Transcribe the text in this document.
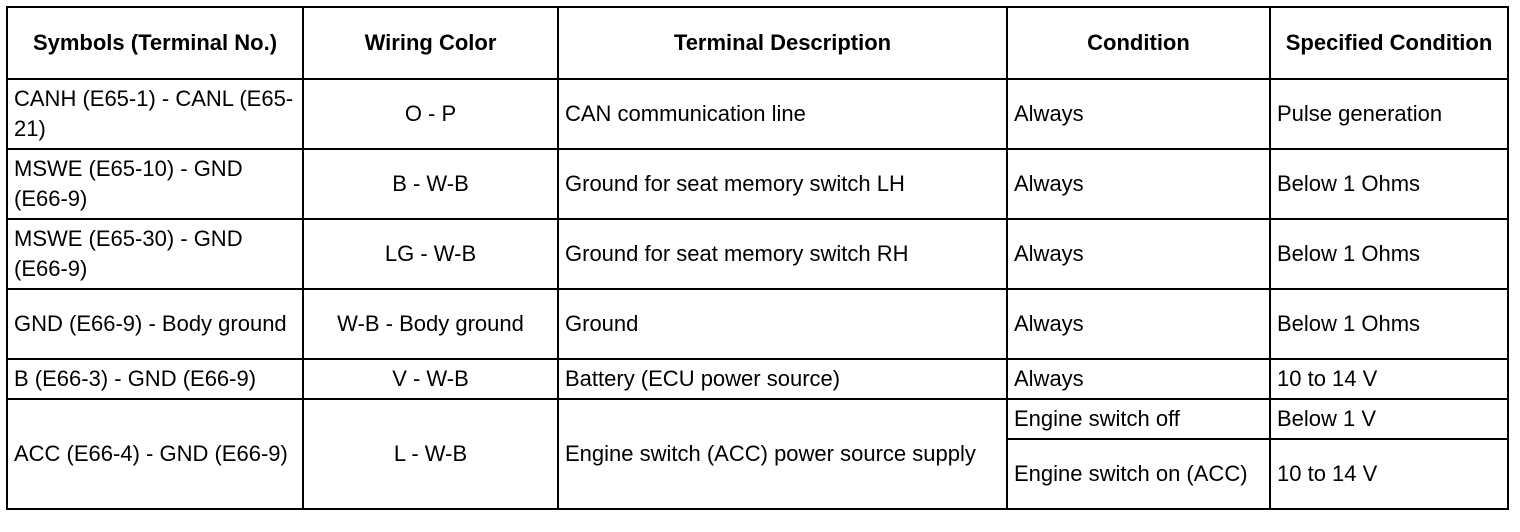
Symbols (Terminal No.)	Wiring Color	Terminal Description	Condition	Specified Condition
CANH (E65-1) - CANL (E65-21)	O - P	CAN communication line	Always	Pulse generation
MSWE (E65-10) - GND (E66-9)	B - W-B	Ground for seat memory switch LH	Always	Below 1 Ohms
MSWE (E65-30) - GND (E66-9)	LG - W-B	Ground for seat memory switch RH	Always	Below 1 Ohms
GND (E66-9) - Body ground	W-B - Body ground	Ground	Always	Below 1 Ohms
B (E66-3) - GND (E66-9)	V - W-B	Battery (ECU power source)	Always	10 to 14 V
ACC (E66-4) - GND (E66-9)	L - W-B	Engine switch (ACC) power source supply	Engine switch off	Below 1 V
			Engine switch on (ACC)	10 to 14 V
